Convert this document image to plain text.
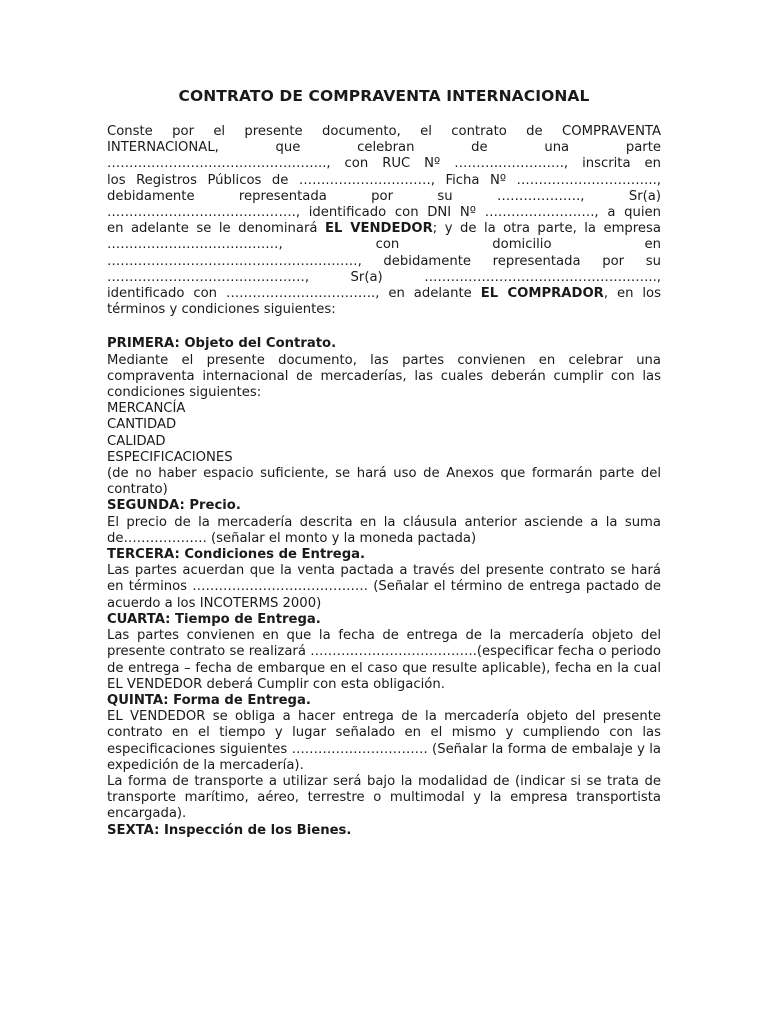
CONTRATO DE COMPRAVENTA INTERNACIONAL
Conste por el presente documento, el contrato de COMPRAVENTA
INTERNACIONAL, que celebran de una parte
………………………………………….., con RUC Nº ……………………., inscrita en
los Registros Públicos de …………………………, Ficha Nº …………………………..,
debidamente representada por su ………………., Sr(a)
……………………………………., identificado con DNI Nº ……………………., a quien
en adelante se le denominará EL VENDEDOR; y de la otra parte, la empresa
…………………………………, con domicilio en
…………………………………………………, debidamente representada por su
………………………………………, Sr(a) ……………………………………………..,
identificado con ……………………………., en adelante EL COMPRADOR, en los
términos y condiciones siguientes:
PRIMERA: Objeto del Contrato.
Mediante el presente documento, las partes convienen en celebrar una compraventa internacional de mercaderías, las cuales deberán cumplir con las condiciones siguientes:
MERCANCÍA
CANTIDAD
CALIDAD
ESPECIFICACIONES
(de no haber espacio suficiente, se hará uso de Anexos que formarán parte del contrato)
SEGUNDA: Precio.
El precio de la mercadería descrita en la cláusula anterior asciende a la suma de………………. (señalar el monto y la moneda pactada)
TERCERA: Condiciones de Entrega.
Las partes acuerdan que la venta pactada a través del presente contrato se hará en términos …………………………………. (Señalar el término de entrega pactado de acuerdo a los INCOTERMS 2000)
CUARTA: Tiempo de Entrega.
Las partes convienen en que la fecha de entrega de la mercadería objeto del presente contrato se realizará ………………………………..(especificar fecha o periodo de entrega – fecha de embarque en el caso que resulte aplicable), fecha en la cual EL VENDEDOR deberá Cumplir con esta obligación.
QUINTA: Forma de Entrega.
EL VENDEDOR se obliga a hacer entrega de la mercadería objeto del presente contrato en el tiempo y lugar señalado en el mismo y cumpliendo con las especificaciones siguientes …………………………. (Señalar la forma de embalaje y la expedición de la mercadería).
La forma de transporte a utilizar será bajo la modalidad de (indicar si se trata de transporte marítimo, aéreo, terrestre o multimodal y la empresa transportista encargada).
SEXTA: Inspección de los Bienes.
